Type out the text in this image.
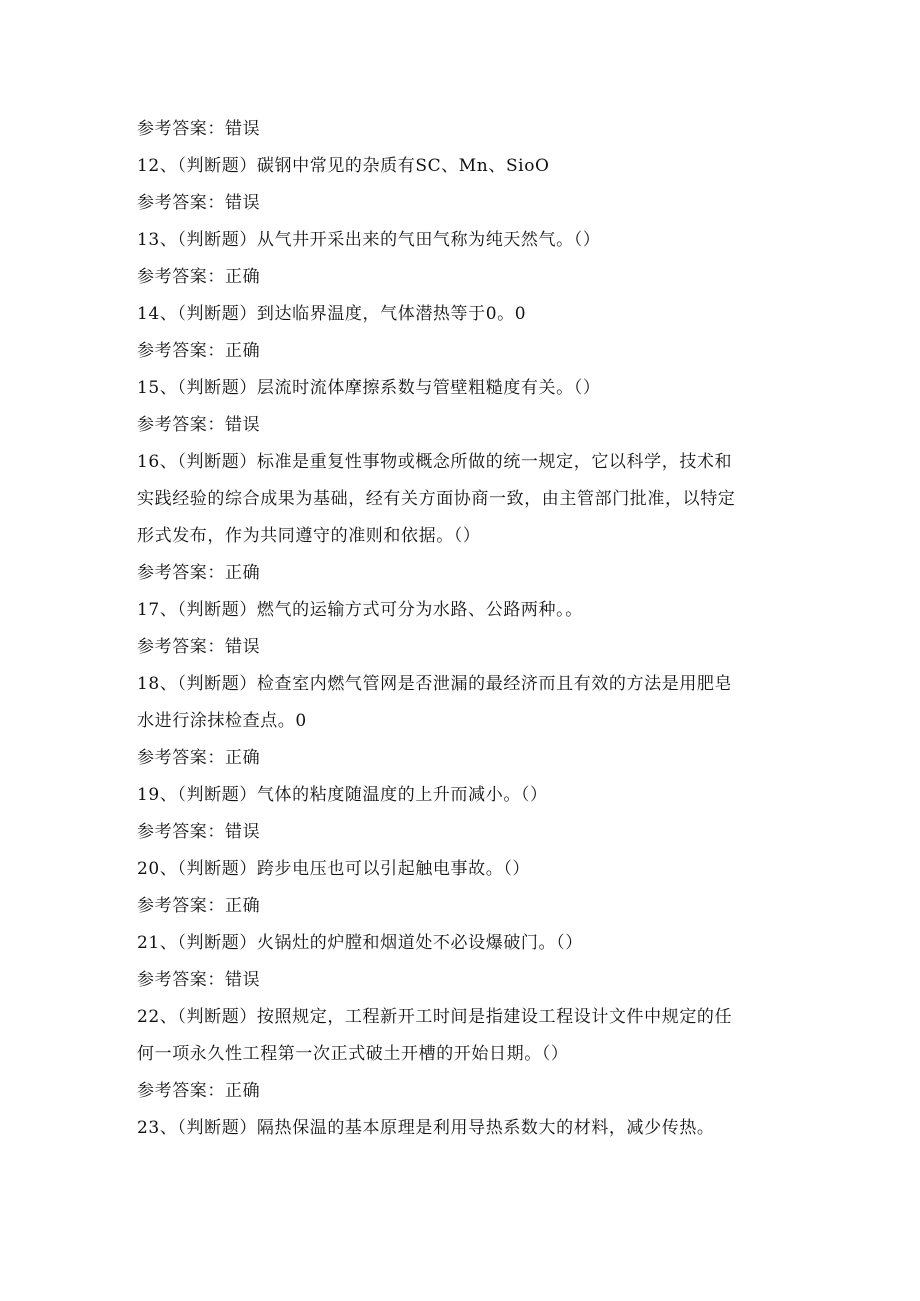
参考答案：错误
12、（判断题）碳钢中常见的杂质有SC、Mn、SioO
参考答案：错误
13、（判断题）从气井开采出来的气田气称为纯天然气。（）
参考答案：正确
14、（判断题）到达临界温度，气体潜热等于0。0
参考答案：正确
15、（判断题）层流时流体摩擦系数与管壁粗糙度有关。（）
参考答案：错误
16、（判断题）标准是重复性事物或概念所做的统一规定，它以科学，技术和
实践经验的综合成果为基础，经有关方面协商一致，由主管部门批准，以特定
形式发布，作为共同遵守的准则和依据。（）
参考答案：正确
17、（判断题）燃气的运输方式可分为水路、公路两种。。
参考答案：错误
18、（判断题）检查室内燃气管网是否泄漏的最经济而且有效的方法是用肥皂
水进行涂抹检查点。0
参考答案：正确
19、（判断题）气体的粘度随温度的上升而减小。（）
参考答案：错误
20、（判断题）跨步电压也可以引起触电事故。（）
参考答案：正确
21、（判断题）火锅灶的炉膛和烟道处不必设爆破门。（）
参考答案：错误
22、（判断题）按照规定，工程新开工时间是指建设工程设计文件中规定的任
何一项永久性工程第一次正式破土开槽的开始日期。（）
参考答案：正确
23、（判断题）隔热保温的基本原理是利用导热系数大的材料，减少传热。
